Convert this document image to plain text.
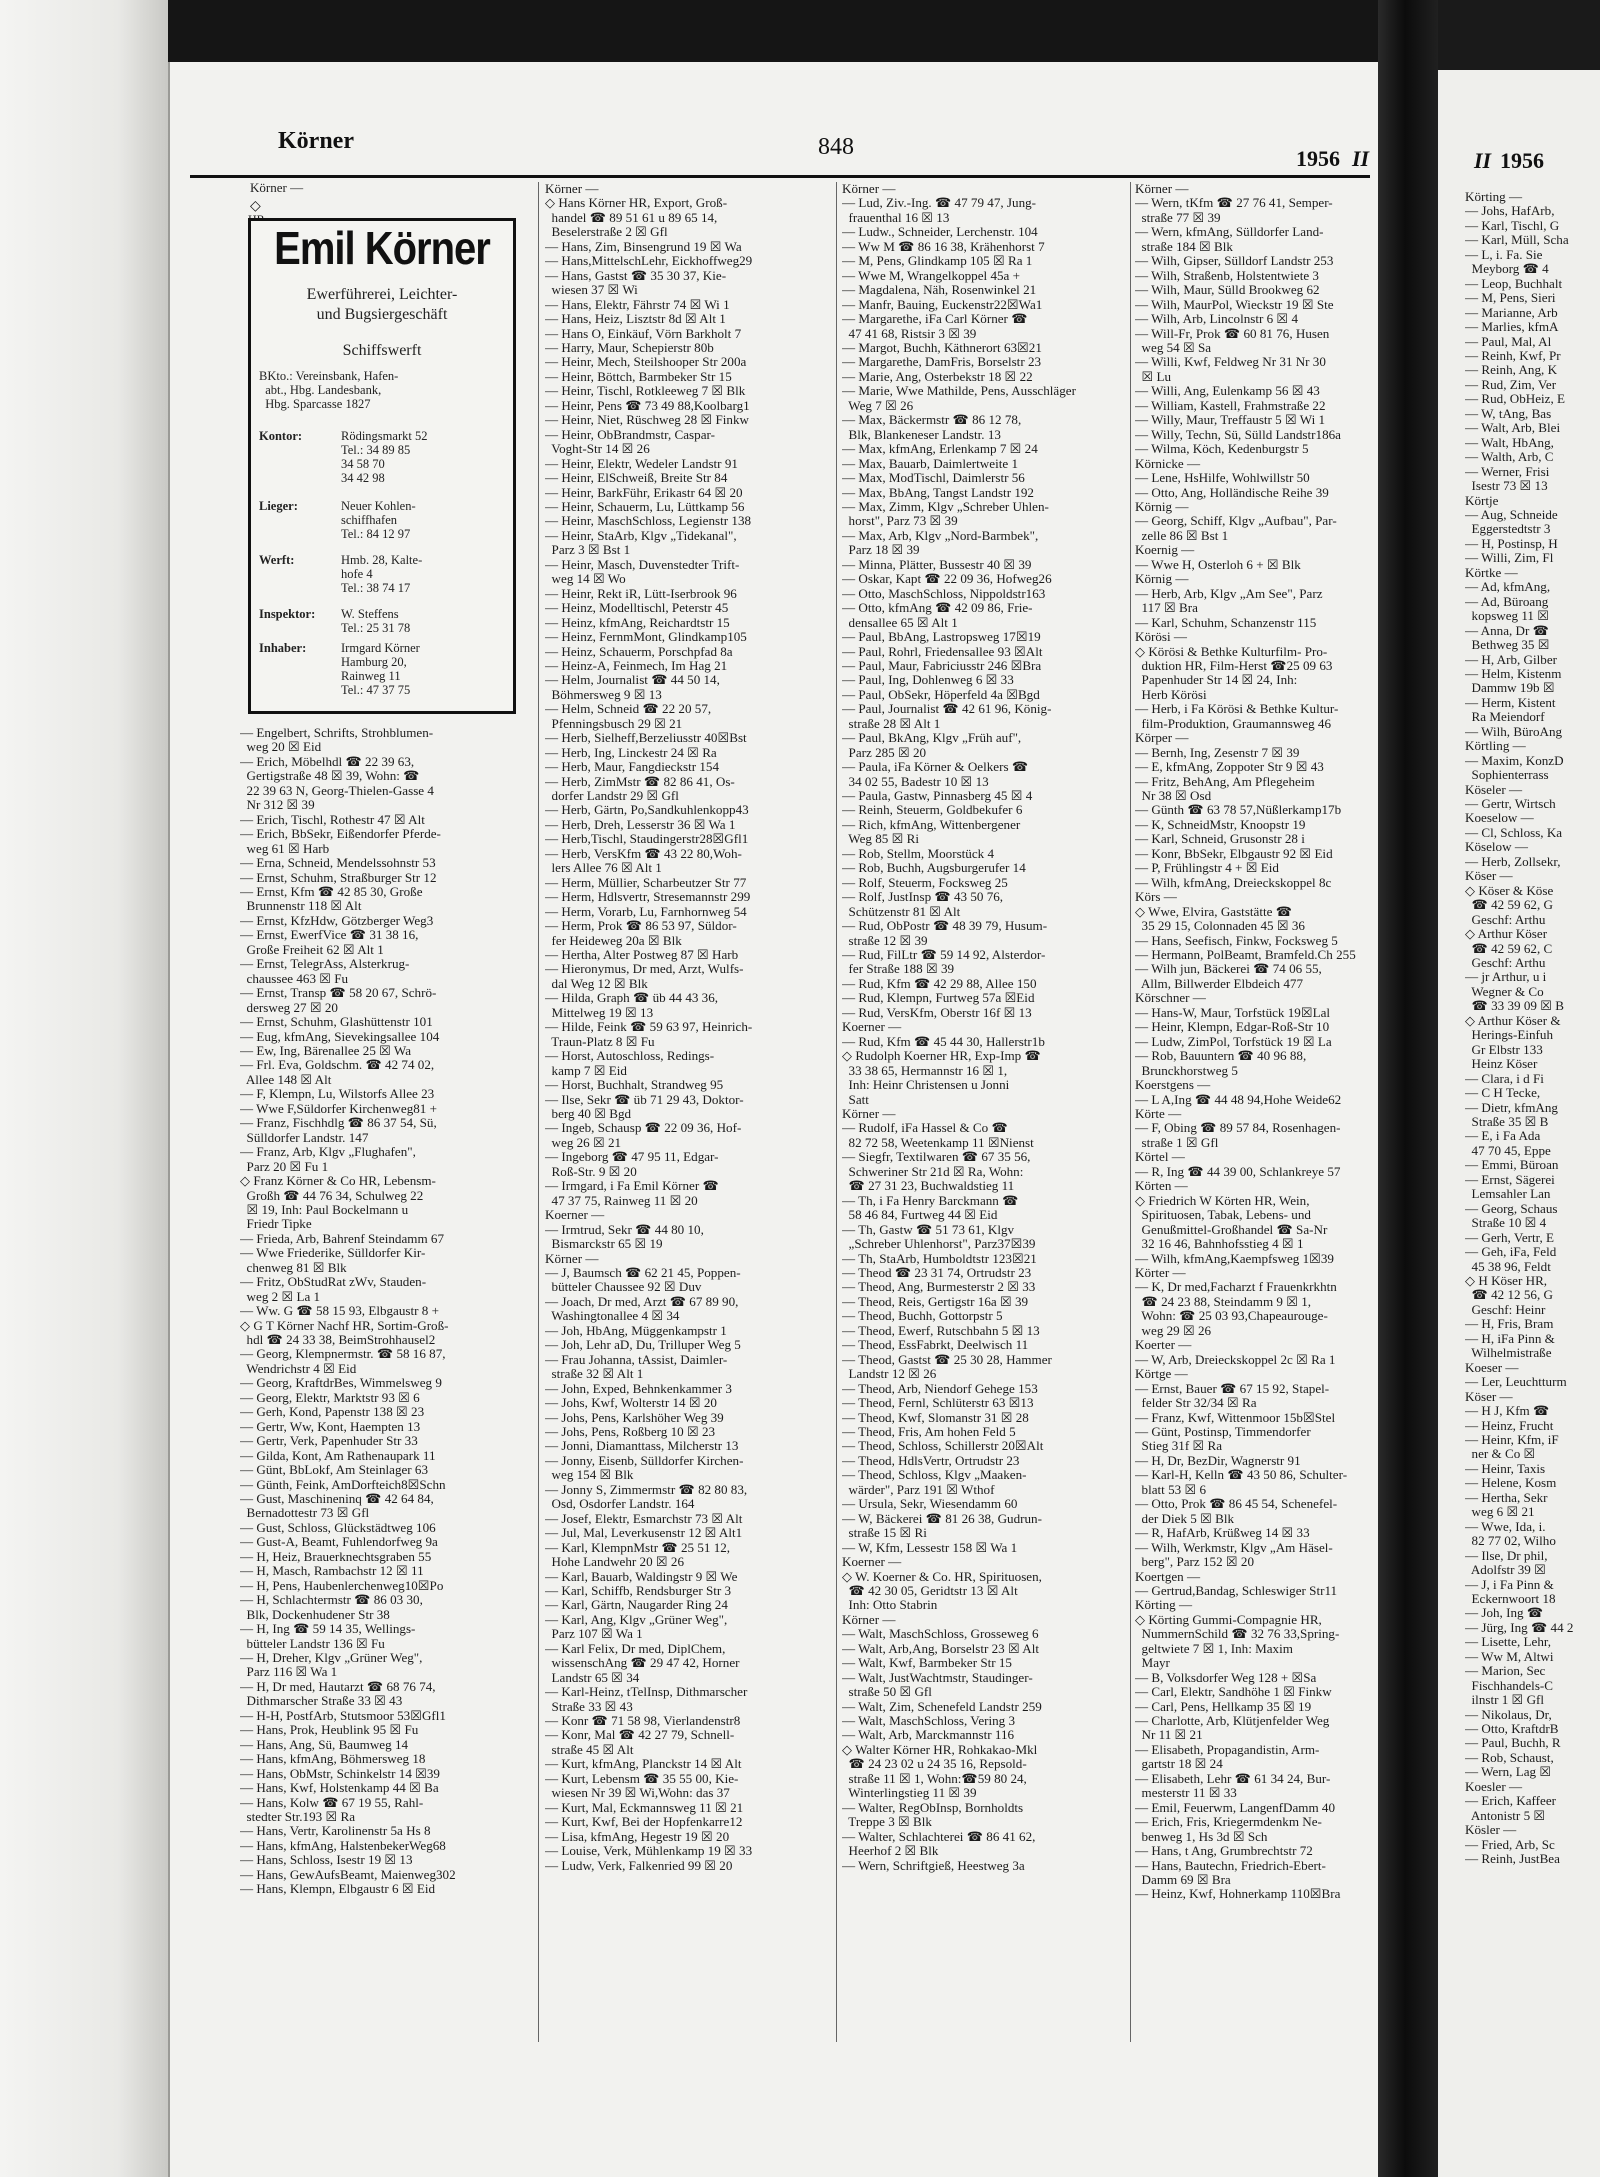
Körner	848	1956 II	II 1956
Körner —
◇
Emil Körner
Ewerführerei, Leichter-
und Bugsiergeschäft
Schiffswerft
BKto.: Vereinsbank, Hafen-
abt., Hbg. Landesbank,
Hbg. Sparcasse 1827
Kontor:	Rödingsmarkt 52
Tel.: 34 89 85
34 58 70
34 42 98
Lieger:	Neuer Kohlen-
schiffhafen
Tel.: 84 12 97
Werft:	Hmb. 28, Kalte-
hofe 4
Tel.: 38 74 17
Inspektor: W. Steffens
Tel.: 25 31 78
Inhaber:	Irmgard Körner
Hamburg 20,
Rainweg 11
Tel.: 47 37 75
— Engelbert, Schrifts, Strohblumen-
weg 20 ☒ Eid
— Erich, Möbelhdl ☎ 22 39 63,
Gertigstraße 48 ☒ 39, Wohn: ☎
22 39 63 N, Georg-Thielen-Gasse 4
Nr 312 ☒ 39
— Erich, Tischl, Rothestr 47 ☒ Alt
— Erich, BbSekr, Eißendorfer Pferde-
weg 61 ☒ Harb
— Erna, Schneid, Mendelssohnstr 53
— Ernst, Schuhm, Straßburger Str 12
— Ernst, Kfm ☎ 42 85 30, Große
Brunnenstr 118 ☒ Alt
— Ernst, KfzHdw, Götzberger Weg3
— Ernst, EwerfVice ☎ 31 38 16,
Große Freiheit 62 ☒ Alt 1
— Ernst, TelegrAss, Alsterkrug-
chaussee 463 ☒ Fu
— Ernst, Transp ☎ 58 20 67, Schrö-
dersweg 27 ☒ 20
— Ernst, Schuhm, Glashüttenstr 101
— Eug, kfmAng, Sievekingsallee 104
— Ew, Ing, Bärenallee 25 ☒ Wa
— Frl. Eva, Goldschm. ☎ 42 74 02,
Allee 148 ☒ Alt
— F, Klempn, Lu, Wilstorfs Allee 23
— Wwe F,Süldorfer Kirchenweg81 +
— Franz, Fischhdlg ☎ 86 37 54, Sü,
Sülldorfer Landstr. 147
— Franz, Arb, Klgv „Flughafen",
Parz 20 ☒ Fu 1
◇ Franz Körner & Co HR, Lebensm-
Großh ☎ 44 76 34, Schulweg 22
☒ 19, Inh: Paul Bockelmann u
Friedr Tipke
— Frieda, Arb, Bahrenf Steindamm 67
— Wwe Friederike, Sülldorfer Kir-
chenweg 81 ☒ Blk
— Fritz, ObStudRat zWv, Stauden-
weg 2 ☒ La 1
— Ww. G ☎ 58 15 93, Elbgaustr 8 +
◇ G T Körner Nachf HR, Sortim-Groß-
hdl ☎ 24 33 38, BeimStrohhausel2
— Georg, Klempnermstr. ☎ 58 16 87,
Wendrichstr 4 ☒ Eid
— Georg, KraftdrBes, Wimmelsweg 9
— Georg, Elektr, Marktstr 93 ☒ 6
— Gerh, Kond, Papenstr 138 ☒ 23
— Gertr, Ww, Kont, Haempten 13
— Gertr, Verk, Papenhuder Str 33
— Gilda, Kont, Am Rathenaupark 11
— Günt, BbLokf, Am Steinlager 63
— Günth, Feink, AmDorfteich8☒Schn
— Gust, Maschineninq ☎ 42 64 84,
Bernadottestr 73 ☒ Gfl
— Gust, Schloss, Glückstädtweg 106
— Gust-A, Beamt, Fuhlendorfweg 9a
— H, Heiz, Brauerknechtsgraben 55
— H, Masch, Rambachstr 12 ☒ 11
— H, Pens, Haubenlerchenweg10☒Po
— H, Schlachtermstr ☎ 86 03 30,
Blk, Dockenhudener Str 38
— H, Ing ☎ 59 14 35, Wellings-
bütteler Landstr 136 ☒ Fu
— H, Dreher, Klgv „Grüner Weg",
Parz 116 ☒ Wa 1
— H, Dr med, Hautarzt ☎ 68 76 74,
Dithmarscher Straße 33 ☒ 43
— H-H, PostfArb, Stutsmoor 53☒Gfl1
— Hans, Prok, Heublink 95 ☒ Fu
— Hans, Ang, Sü, Baumweg 14
— Hans, kfmAng, Böhmersweg 18
— Hans, ObMstr, Schinkelstr 14 ☒39
— Hans, Kwf, Holstenkamp 44 ☒ Ba
— Hans, Kolw ☎ 67 19 55, Rahl-
stedter Str.193 ☒ Ra
— Hans, Vertr, Karolinenstr 5a Hs 8
— Hans, kfmAng, HalstenbekerWeg68
— Hans, Schloss, Isestr 19 ☒ 13
— Hans, GewAufsBeamt, Maienweg302
— Hans, Klempn, Elbgaustr 6 ☒ Eid
Körner —
◇ Hans Körner HR, Export, Groß-
handel ☎ 89 51 61 u 89 65 14,
Beselerstraße 2 ☒ Gfl
— Hans, Zim, Binsengrund 19 ☒ Wa
— Hans,MittelschLehr, Eickhoffweg29
— Hans, Gastst ☎ 35 30 37, Kie-
wiesen 37 ☒ Wi
— Hans, Elektr, Fährstr 74 ☒ Wi 1
— Hans, Heiz, Lisztstr 8d ☒ Alt 1
— Hans O, Einkäuf, Vörn Barkholt 7
— Harry, Maur, Schepierstr 80b
— Heinr, Mech, Steilshooper Str 200a
— Heinr, Böttch, Barmbeker Str 15
— Heinr, Tischl, Rotkleeweg 7 ☒ Blk
— Heinr, Pens ☎ 73 49 88,Koolbarg1
— Heinr, Niet, Rüschweg 28 ☒ Finkw
— Heinr, ObBrandmstr, Caspar-
Voght-Str 14 ☒ 26
— Heinr, Elektr, Wedeler Landstr 91
— Heinr, ElSchweiß, Breite Str 84
— Heinr, BarkFühr, Erikastr 64 ☒ 20
— Heinr, Schauerm, Lu, Lüttkamp 56
— Heinr, MaschSchloss, Legienstr 138
— Heinr, StaArb, Klgv „Tidekanal",
Parz 3 ☒ Bst 1
— Heinr, Masch, Duvenstedter Trift-
weg 14 ☒ Wo
— Heinr, Rekt iR, Lütt-Iserbrook 96
— Heinz, Modelltischl, Peterstr 45
— Heinz, kfmAng, Reichardtstr 15
— Heinz, FernmMont, Glindkamp105
— Heinz, Schauerm, Porschpfad 8a
— Heinz-A, Feinmech, Im Hag 21
— Helm, Journalist ☎ 44 50 14,
Böhmersweg 9 ☒ 13
— Helm, Schneid ☎ 22 20 57,
Pfenningsbusch 29 ☒ 21
— Herb, Sielheff,Berzeliusstr 40☒Bst
— Herb, Ing, Linckestr 24 ☒ Ra
— Herb, Maur, Fangdieckstr 154
— Herb, ZimMstr ☎ 82 86 41, Os-
dorfer Landstr 29 ☒ Gfl
— Herb, Gärtn, Po,Sandkuhlenkopp43
— Herb, Dreh, Lesserstr 36 ☒ Wa 1
— Herb,Tischl, Staudingerstr28☒Gfl1
— Herb, VersKfm ☎ 43 22 80,Woh-
lers Allee 76 ☒ Alt 1
— Herm, Müllier, Scharbeutzer Str 77
— Herm, Hdlsvertr, Stresemannstr 299
— Herm, Vorarb, Lu, Farnhornweg 54
— Herm, Prok ☎ 86 53 97, Süldor-
fer Heideweg 20a ☒ Blk
— Hertha, Alter Postweg 87 ☒ Harb
— Hieronymus, Dr med, Arzt, Wulfs-
dal Weg 12 ☒ Blk
— Hilda, Graph ☎ üb 44 43 36,
Mittelweg 19 ☒ 13
— Hilde, Feink ☎ 59 63 97, Heinrich-
Traun-Platz 8 ☒ Fu
— Horst, Autoschloss, Redings-
kamp 7 ☒ Eid
— Horst, Buchhalt, Strandweg 95
— Ilse, Sekr ☎ üb 71 29 43, Doktor-
berg 40 ☒ Bgd
— Ingeb, Schausp ☎ 22 09 36, Hof-
weg 26 ☒ 21
— Ingeborg ☎ 47 95 11, Edgar-
Roß-Str. 9 ☒ 20
— Irmgard, i Fa Emil Körner ☎
47 37 75, Rainweg 11 ☒ 20
Koerner —
— Irmtrud, Sekr ☎ 44 80 10,
Bismarckstr 65 ☒ 19
Körner —
— J, Baumsch ☎ 62 21 45, Poppen-
bütteler Chaussee 92 ☒ Duv
— Joach, Dr med, Arzt ☎ 67 89 90,
Washingtonallee 4 ☒ 34
— Joh, HbAng, Müggenkampstr 1
— Joh, Lehr aD, Du, Trilluper Weg 5
— Frau Johanna, tAssist, Daimler-
straße 32 ☒ Alt 1
— John, Exped, Behnkenkammer 3
— Johs, Kwf, Wolterstr 14 ☒ 20
— Johs, Pens, Karlshöher Weg 39
— Johs, Pens, Roßberg 10 ☒ 23
— Jonni, Diamanttass, Milcherstr 13
— Jonny, Eisenb, Sülldorfer Kirchen-
weg 154 ☒ Blk
— Jonny S, Zimmermstr ☎ 82 80 83,
Osd, Osdorfer Landstr. 164
— Josef, Elektr, Esmarchstr 73 ☒ Alt
— Jul, Mal, Leverkusenstr 12 ☒ Alt1
— Karl, KlempnMstr ☎ 25 51 12,
Hohe Landwehr 20 ☒ 26
— Karl, Bauarb, Waldingstr 9 ☒ We
— Karl, Schiffb, Rendsburger Str 3
— Karl, Gärtn, Naugarder Ring 24
— Karl, Ang, Klgv „Grüner Weg",
Parz 107 ☒ Wa 1
— Karl Felix, Dr med, DiplChem,
wissenschAng ☎ 29 47 42, Horner
Landstr 65 ☒ 34
— Karl-Heinz, tTelInsp, Dithmarscher
Straße 33 ☒ 43
— Konr ☎ 71 58 98, Vierlandenstr8
— Konr, Mal ☎ 42 27 79, Schnell-
straße 45 ☒ Alt
— Kurt, kfmAng, Planckstr 14 ☒ Alt
— Kurt, Lebensm ☎ 35 55 00, Kie-
wiesen Nr 39 ☒ Wi,Wohn: das 37
— Kurt, Mal, Eckmannsweg 11 ☒ 21
— Kurt, Kwf, Bei der Hopfenkarre12
— Lisa, kfmAng, Hegestr 19 ☒ 20
— Louise, Verk, Mühlenkamp 19 ☒ 33
— Ludw, Verk, Falkenried 99 ☒ 20
Körner —
— Lud, Ziv.-Ing. ☎ 47 79 47, Jung-
frauenthal 16 ☒ 13
— Ludw., Schneider, Lerchenstr. 104
— Ww M ☎ 86 16 38, Krähenhorst 7
— M, Pens, Glindkamp 105 ☒ Ra 1
— Wwe M, Wrangelkoppel 45a +
— Magdalena, Näh, Rosenwinkel 21
— Manfr, Bauing, Euckenstr22☒Wa1
— Margarethe, iFa Carl Körner ☎
47 41 68, Ristsir 3 ☒ 39
— Margot, Buchh, Käthnerort 63☒21
— Margarethe, DamFris, Borselstr 23
— Marie, Ang, Osterbekstr 18 ☒ 22
— Marie, Wwe Mathilde, Pens, Ausschläger
Weg 7 ☒ 26
— Max, Bäckermstr ☎ 86 12 78,
Blk, Blankeneser Landstr. 13
— Max, kfmAng, Erlenkamp 7 ☒ 24
— Max, Bauarb, Daimlertweite 1
— Max, ModTischl, Daimlerstr 56
— Max, BbAng, Tangst Landstr 192
— Max, Zimm, Klgv „Schreber Uhlen-
horst", Parz 73 ☒ 39
— Max, Arb, Klgv „Nord-Barmbek",
Parz 18 ☒ 39
— Minna, Plätter, Bussestr 40 ☒ 39
— Oskar, Kapt ☎ 22 09 36, Hofweg26
— Otto, MaschSchloss, Nippoldstr163
— Otto, kfmAng ☎ 42 09 86, Frie-
densallee 65 ☒ Alt 1
— Paul, BbAng, Lastropsweg 17☒19
— Paul, Rohrl, Friedensallee 93 ☒Alt
— Paul, Maur, Fabriciusstr 246 ☒Bra
— Paul, Ing, Dohlenweg 6 ☒ 33
— Paul, ObSekr, Höperfeld 4a ☒Bgd
— Paul, Journalist ☎ 42 61 96, König-
straße 28 ☒ Alt 1
— Paul, BkAng, Klgv „Früh auf",
Parz 285 ☒ 20
— Paula, iFa Körner & Oelkers ☎
34 02 55, Badestr 10 ☒ 13
— Paula, Gastw, Pinnasberg 45 ☒ 4
— Reinh, Steuerm, Goldbekufer 6
— Rich, kfmAng, Wittenbergener
Weg 85 ☒ Ri
— Rob, Stellm, Moorstück 4
— Rob, Buchh, Augsburgerufer 14
— Rolf, Steuerm, Focksweg 25
— Rolf, JustInsp ☎ 43 50 76,
Schützenstr 81 ☒ Alt
— Rud, ObPostr ☎ 48 39 79, Husum-
straße 12 ☒ 39
— Rud, FilLtr ☎ 59 14 92, Alsterdor-
fer Straße 188 ☒ 39
— Rud, Kfm ☎ 42 29 88, Allee 150
— Rud, Klempn, Furtweg 57a ☒Eid
— Rud, VersKfm, Oberstr 16f ☒ 13
Koerner —
— Rud, Kfm ☎ 45 44 30, Hallerstr1b
◇ Rudolph Koerner HR, Exp-Imp ☎
33 38 65, Hermannstr 16 ☒ 1,
Inh: Heinr Christensen u Jonni
Satt
Körner —
— Rudolf, iFa Hassel & Co ☎
82 72 58, Weetenkamp 11 ☒Nienst
— Siegfr, Textilwaren ☎ 67 35 56,
Schweriner Str 21d ☒ Ra, Wohn:
☎ 27 31 23, Buchwaldstieg 11
— Th, i Fa Henry Barckmann ☎
58 46 84, Furtweg 44 ☒ Eid
— Th, Gastw ☎ 51 73 61, Klgv
„Schreber Uhlenhorst", Parz37☒39
— Th, StaArb, Humboldtstr 123☒21
— Theod ☎ 23 31 74, Ortrudstr 23
— Theod, Ang, Burmesterstr 2 ☒ 33
— Theod, Reis, Gertigstr 16a ☒ 39
— Theod, Buchh, Gottorpstr 5
— Theod, Ewerf, Rutschbahn 5 ☒ 13
— Theod, EssFabrkt, Deelwisch 11
— Theod, Gastst ☎ 25 30 28, Hammer
Landstr 12 ☒ 26
— Theod, Arb, Niendorf Gehege 153
— Theod, Fernl, Schlüterstr 63 ☒13
— Theod, Kwf, Slomanstr 31 ☒ 28
— Theod, Fris, Am hohen Feld 5
— Theod, Schloss, Schillerstr 20☒Alt
— Theod, HdlsVertr, Ortrudstr 23
— Theod, Schloss, Klgv „Maaken-
wärder", Parz 191 ☒ Wthof
— Ursula, Sekr, Wiesendamm 60
— W, Bäckerei ☎ 81 26 38, Gudrun-
straße 15 ☒ Ri
— W, Kfm, Lessestr 158 ☒ Wa 1
Koerner —
◇ W. Koerner & Co. HR, Spirituosen,
☎ 42 30 05, Geridtstr 13 ☒ Alt
Inh: Otto Stabrin
Körner —
— Walt, MaschSchloss, Grosseweg 6
— Walt, Arb,Ang, Borselstr 23 ☒ Alt
— Walt, Kwf, Barmbeker Str 15
— Walt, JustWachtmstr, Staudinger-
straße 50 ☒ Gfl
— Walt, Zim, Schenefeld Landstr 259
— Walt, MaschSchloss, Vering 3
— Walt, Arb, Marckmannstr 116
◇ Walter Körner HR, Rohkakao-Mkl
☎ 24 23 02 u 24 35 16, Repsold-
straße 11 ☒ 1, Wohn:☎59 80 24,
Winterlingstieg 11 ☒ 39
— Walter, RegObInsp, Bornholdts
Treppe 3 ☒ Blk
— Walter, Schlachterei ☎ 86 41 62,
Heerhof 2 ☒ Blk
— Wern, Schriftgieß, Heestweg 3a
Körner —
— Wern, tKfm ☎ 27 76 41, Semper-
straße 77 ☒ 39
— Wern, kfmAng, Sülldorfer Land-
straße 184 ☒ Blk
— Wilh, Gipser, Sülldorf Landstr 253
— Wilh, Straßenb, Holstentwiete 3
— Wilh, Maur, Sülld Brookweg 62
— Wilh, MaurPol, Wieckstr 19 ☒ Ste
— Wilh, Arb, Lincolnstr 6 ☒ 4
— Will-Fr, Prok ☎ 60 81 76, Husen
weg 54 ☒ Sa
— Willi, Kwf, Feldweg Nr 31 Nr 30
☒ Lu
— Willi, Ang, Eulenkamp 56 ☒ 43
— William, Kastell, Frahmstraße 22
— Willy, Maur, Treffaustr 5 ☒ Wi 1
— Willy, Techn, Sü, Sülld Landstr186a
— Wilma, Köch, Kedenburgstr 5
Körnicke —
— Lene, HsHilfe, Wohlwillstr 50
— Otto, Ang, Holländische Reihe 39
Körnig —
— Georg, Schiff, Klgv „Aufbau", Par-
zelle 86 ☒ Bst 1
Koernig —
— Wwe H, Osterloh 6 + ☒ Blk
Körnig —
— Herb, Arb, Klgv „Am See", Parz
117 ☒ Bra
— Karl, Schuhm, Schanzenstr 115
Körösi —
◇ Körösi & Bethke Kulturfilm- Pro-
duktion HR, Film-Herst ☎25 09 63
Papenhuder Str 14 ☒ 24, Inh:
Herb Körösi
— Herb, i Fa Körösi & Bethke Kultur-
film-Produktion, Graumannsweg 46
Körper —
— Bernh, Ing, Zesenstr 7 ☒ 39
— E, kfmAng, Zoppoter Str 9 ☒ 43
— Fritz, BehAng, Am Pflegeheim
Nr 38 ☒ Osd
— Günth ☎ 63 78 57,Nüßlerkamp17b
— K, SchneidMstr, Knoopstr 19
— Karl, Schneid, Grusonstr 28 i
— Konr, BbSekr, Elbgaustr 92 ☒ Eid
— P, Frühlingstr 4 + ☒ Eid
— Wilh, kfmAng, Dreieckskoppel 8c
Körs —
◇ Wwe, Elvira, Gaststätte ☎
35 29 15, Colonnaden 45 ☒ 36
— Hans, Seefisch, Finkw, Focksweg 5
— Hermann, PolBeamt, Bramfeld.Ch 255
— Wilh jun, Bäckerei ☎ 74 06 55,
Allm, Billwerder Elbdeich 477
Körschner —
— Hans-W, Maur, Torfstück 19☒Lal
— Heinr, Klempn, Edgar-Roß-Str 10
— Ludw, ZimPol, Torfstück 19 ☒ La
— Rob, Bauuntern ☎ 40 96 88,
Brunckhorstweg 5
Koerstgens —
— L A,Ing ☎ 44 48 94,Hohe Weide62
Körte —
— F, Obing ☎ 89 57 84, Rosenhagen-
straße 1 ☒ Gfl
Körtel —
— R, Ing ☎ 44 39 00, Schlankreye 57
Körten —
◇ Friedrich W Körten HR, Wein,
Spirituosen, Tabak, Lebens- und
Genußmittel-Großhandel ☎ Sa-Nr
32 16 46, Bahnhofsstieg 4 ☒ 1
— Wilh, kfmAng,Kaempfsweg 1☒39
Körter —
— K, Dr med,Facharzt f Frauenkrkhtn
☎ 24 23 88, Steindamm 9 ☒ 1,
Wohn: ☎ 25 03 93,Chapeaurouge-
weg 29 ☒ 26
Koerter —
— W, Arb, Dreieckskoppel 2c ☒ Ra 1
Körtge —
— Ernst, Bauer ☎ 67 15 92, Stapel-
felder Str 32/34 ☒ Ra
— Franz, Kwf, Wittenmoor 15b☒Stel
— Günt, Postinsp, Timmendorfer
Stieg 31f ☒ Ra
— H, Dr, BezDir, Wagnerstr 91
— Karl-H, Kelln ☎ 43 50 86, Schulter-
blatt 53 ☒ 6
— Otto, Prok ☎ 86 45 54, Schenefel-
der Diek 5 ☒ Blk
— R, HafArb, Krüßweg 14 ☒ 33
— Wilh, Werkmstr, Klgv „Am Häsel-
berg", Parz 152 ☒ 20
Koertgen —
— Gertrud,Bandag, Schleswiger Str11
Körting —
◇ Körting Gummi-Compagnie HR,
NummernSchild ☎ 32 76 33,Spring-
geltwiete 7 ☒ 1, Inh: Maxim
Mayr
— B, Volksdorfer Weg 128 + ☒Sa
— Carl, Elektr, Sandhöhe 1 ☒ Finkw
— Carl, Pens, Hellkamp 35 ☒ 19
— Charlotte, Arb, Klütjenfelder Weg
Nr 11 ☒ 21
— Elisabeth, Propagandistin, Arm-
gartstr 18 ☒ 24
— Elisabeth, Lehr ☎ 61 34 24, Bur-
mesterstr 11 ☒ 33
— Emil, Feuerwm, LangenfDamm 40
— Erich, Fris, Kriegermdenkm Ne-
benweg 1, Hs 3d ☒ Sch
— Hans, t Ang, Grumbrechtstr 72
— Hans, Bautechn, Friedrich-Ebert-
Damm 69 ☒ Bra
— Heinz, Kwf, Hohnerkamp 110☒Bra
Körting —
— Johs, HafArb,
— Karl, Tischl, G
— Karl, Müll, Scha
— L, i. Fa. Sie
Meyborg ☎ 4
— Leop, Buchhalt
— M, Pens, Sieri
— Marianne, Arb
— Marlies, kfmA
— Paul, Mal, Al
— Reinh, Kwf, Pr
— Reinh, Ang, K
— Rud, Zim, Ver
— Rud, ObHeiz, E
— W, tAng, Bas
— Walt, Arb, Blei
— Walt, HbAng,
— Walth, Arb, C
— Werner, Frisi
Isestr 73 ☒ 13
Körtje
— Aug, Schneide
Eggerstedtstr 3
— H, Postinsp, H
— Willi, Zim, Fl
Körtke —
— Ad, kfmAng,
— Ad, Büroang
kopsweg 11 ☒
— Anna, Dr ☎
Bethweg 35 ☒
— H, Arb, Gilber
— Helm, Kistenm
Dammw 19b ☒
— Herm, Kistent
Ra Meiendorf
— Wilh, BüroAng
Körtling —
— Maxim, KonzD
Sophienterrass
Köseler —
— Gertr, Wirtsch
Koeselow —
— Cl, Schloss, Ka
Köselow —
— Herb, Zollsekr,
Köser —
◇ Köser & Köse
☎ 42 59 62, G
Geschf: Arthu
◇ Arthur Köser
☎ 42 59 62, C
Geschf: Arthu
— jr Arthur, u i
Wegner & Co
☎ 33 39 09 ☒ B
◇ Arthur Köser &
Herings-Einfuh
Gr Elbstr 133
Heinz Köser
— Clara, i d Fi
— C H Tecke,
— Dietr, kfmAng
Straße 35 ☒ B
— E, i Fa Ada
47 70 45, Eppe
— Emmi, Büroan
— Ernst, Sägerei
Lemsahler Lan
— Georg, Schaus
Straße 10 ☒ 4
— Gerh, Vertr, E
— Geh, iFa, Feld
45 38 96, Feldt
◇ H Köser HR,
☎ 42 12 56, G
Geschf: Heinr
— H, Fris, Bram
— H, iFa Pinn &
Wilhelmistraße
Koeser —
— Ler, Leuchtturm
Köser —
— H J, Kfm ☎
— Heinz, Frucht
— Heinr, Kfm, iF
ner & Co ☒
— Heinr, Taxis
— Helene, Kosm
— Hertha, Sekr
weg 6 ☒ 21
— Wwe, Ida, i.
82 77 02, Wilho
— Ilse, Dr phil,
Adolfstr 39 ☒
— J, i Fa Pinn &
Eckernwoort 18
— Joh, Ing ☎
— Jürg, Ing ☎ 44 2
— Lisette, Lehr,
— Ww M, Altwi
— Marion, Sec
Fischhandels-C
ilnstr 1 ☒ Gfl
— Nikolaus, Dr,
— Otto, KraftdrB
— Paul, Buchh, R
— Rob, Schaust,
— Wern, Lag ☒
Koesler —
— Erich, Kaffeer
Antonistr 5 ☒
Kösler —
— Fried, Arb, Sc
— Reinh, JustBea
